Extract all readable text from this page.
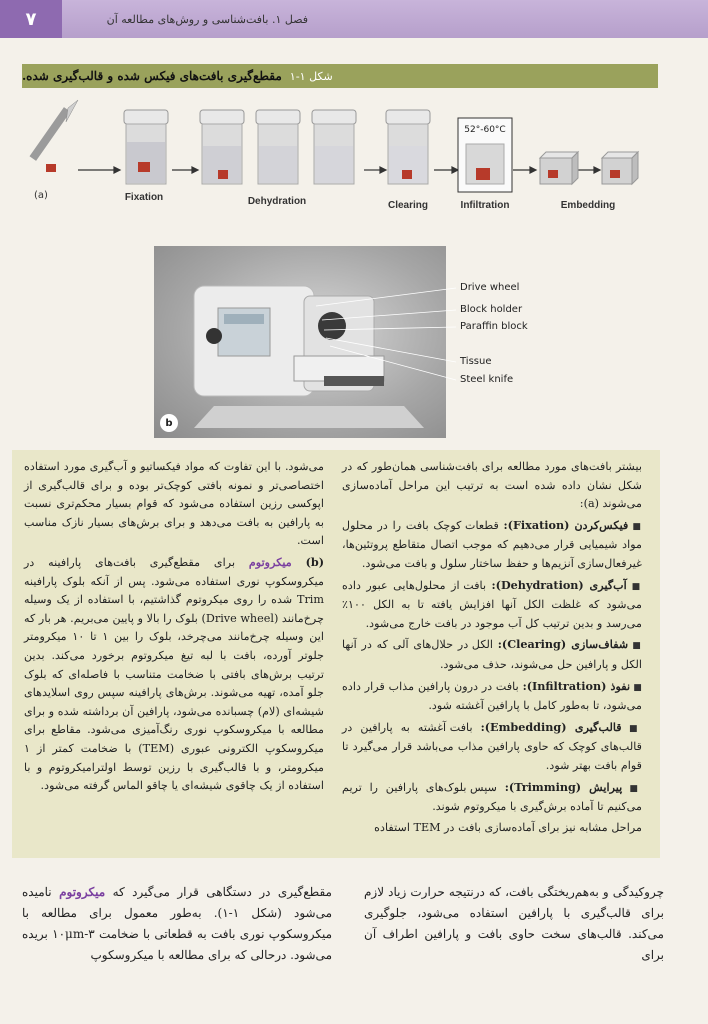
۷	فصل ۱. بافت‌شناسی و روش‌های مطالعه آن
شکل ۱-۱
مقطع‌گیری بافت‌های فیکس شده و قالب‌گیری شده.
(a)
52°-60°C
Fixation	Dehydration	Clearing	Infiltration	Embedding
b
Drive wheel
Block holder
Paraffin block
Tissue
Steel knife

بیشتر بافت‌های مورد مطالعه برای بافت‌شناسی همان‌طور که در شکل نشان داده شده است به ترتیب این مراحل آماده‌سازی می‌شوند (a):

■ فیکس‌کردن (Fixation): قطعات کوچک بافت را در محلول مواد شیمیایی قرار می‌دهیم که موجب اتصال متقاطع پروتئین‌ها، غیرفعال‌سازی آنزیم‌ها و حفظ ساختار سلول و بافت می‌شود.

■ آب‌گیری (Dehydration): بافت از محلول‌هایی عبور داده می‌شود که غلظت الکل آنها افزایش یافته تا به الکل ۱۰۰٪ می‌رسد و بدین ترتیب کل آب موجود در بافت خارج می‌شود.

■ شفاف‌سازی (Clearing): الکل در حلال‌های آلی که در آنها الکل و پارافین حل می‌شوند، حذف می‌شود.

■ نفوذ (Infiltration): بافت در درون پارافین مذاب قرار داده می‌شود، تا به‌طور کامل با پارافین آغشته شود.

■ قالب‌گیری (Embedding): بافت آغشته به پارافین در قالب‌های کوچک که حاوی پارافین مذاب می‌باشد قرار می‌گیرد تا قوام بافت بهتر شود.

■ پیرایش (Trimming): سپس بلوک‌های پارافین را تریم می‌کنیم تا آماده برش‌گیری با میکروتوم شوند.

مراحل مشابه نیز برای آماده‌سازی بافت در TEM استفاده

می‌شود. با این تفاوت که مواد فیکساتیو و آب‌گیری مورد استفاده اختصاصی‌تر و نمونه بافتی کوچک‌تر بوده و برای قالب‌گیری از اپوکسی رزین استفاده می‌شود که قوام بسیار محکم‌تری نسبت به پارافین به بافت می‌دهد و برای برش‌های بسیار نازک مناسب است.

(b) میکروتوم برای مقطع‌گیری بافت‌های پارافینه در میکروسکوپ نوری استفاده می‌شود. پس از آنکه بلوک پارافینه Trim شده را روی میکروتوم گذاشتیم، با استفاده از یک وسیله چرخ‌مانند (Drive wheel) بلوک را بالا و پایین می‌بریم. هر بار که این وسیله چرخ‌مانند می‌چرخد، بلوک را بین ۱ تا ۱۰ میکرومتر جلوتر آورده، بافت با لبه تیغ میکروتوم برخورد می‌کند. بدین ترتیب برش‌های بافتی با ضخامت متناسب با فاصله‌ای که بلوک جلو آمده، تهیه می‌شوند. برش‌های پارافینه سپس روی اسلایدهای شیشه‌ای (لام) چسبانده می‌شود، پارافین آن برداشته شده و برای مطالعه با میکروسکوپ نوری رنگ‌آمیزی می‌شود. مقاطع برای میکروسکوپ الکترونی عبوری (TEM) با ضخامت کمتر از ۱ میکرومتر، و با قالب‌گیری با رزین توسط اولترامیکروتوم و با استفاده از یک چاقوی شیشه‌ای یا چاقو الماس گرفته می‌شود.

چروکیدگی و به‌هم‌ریختگی بافت، که درنتیجه حرارت زیاد لازم برای قالب‌گیری با پارافین استفاده می‌شود، جلوگیری می‌کند. قالب‌های سخت حاوی بافت و پارافین اطراف آن برای
مقطع‌گیری در دستگاهی قرار می‌گیرد که میکروتوم نامیده می‌شود (شکل ۱-۱). به‌طور معمول برای مطالعه با میکروسکوپ نوری بافت به قطعاتی با ضخامت ۱۰μm-۳ بریده می‌شود. درحالی که برای مطالعه با میکروسکوپ
